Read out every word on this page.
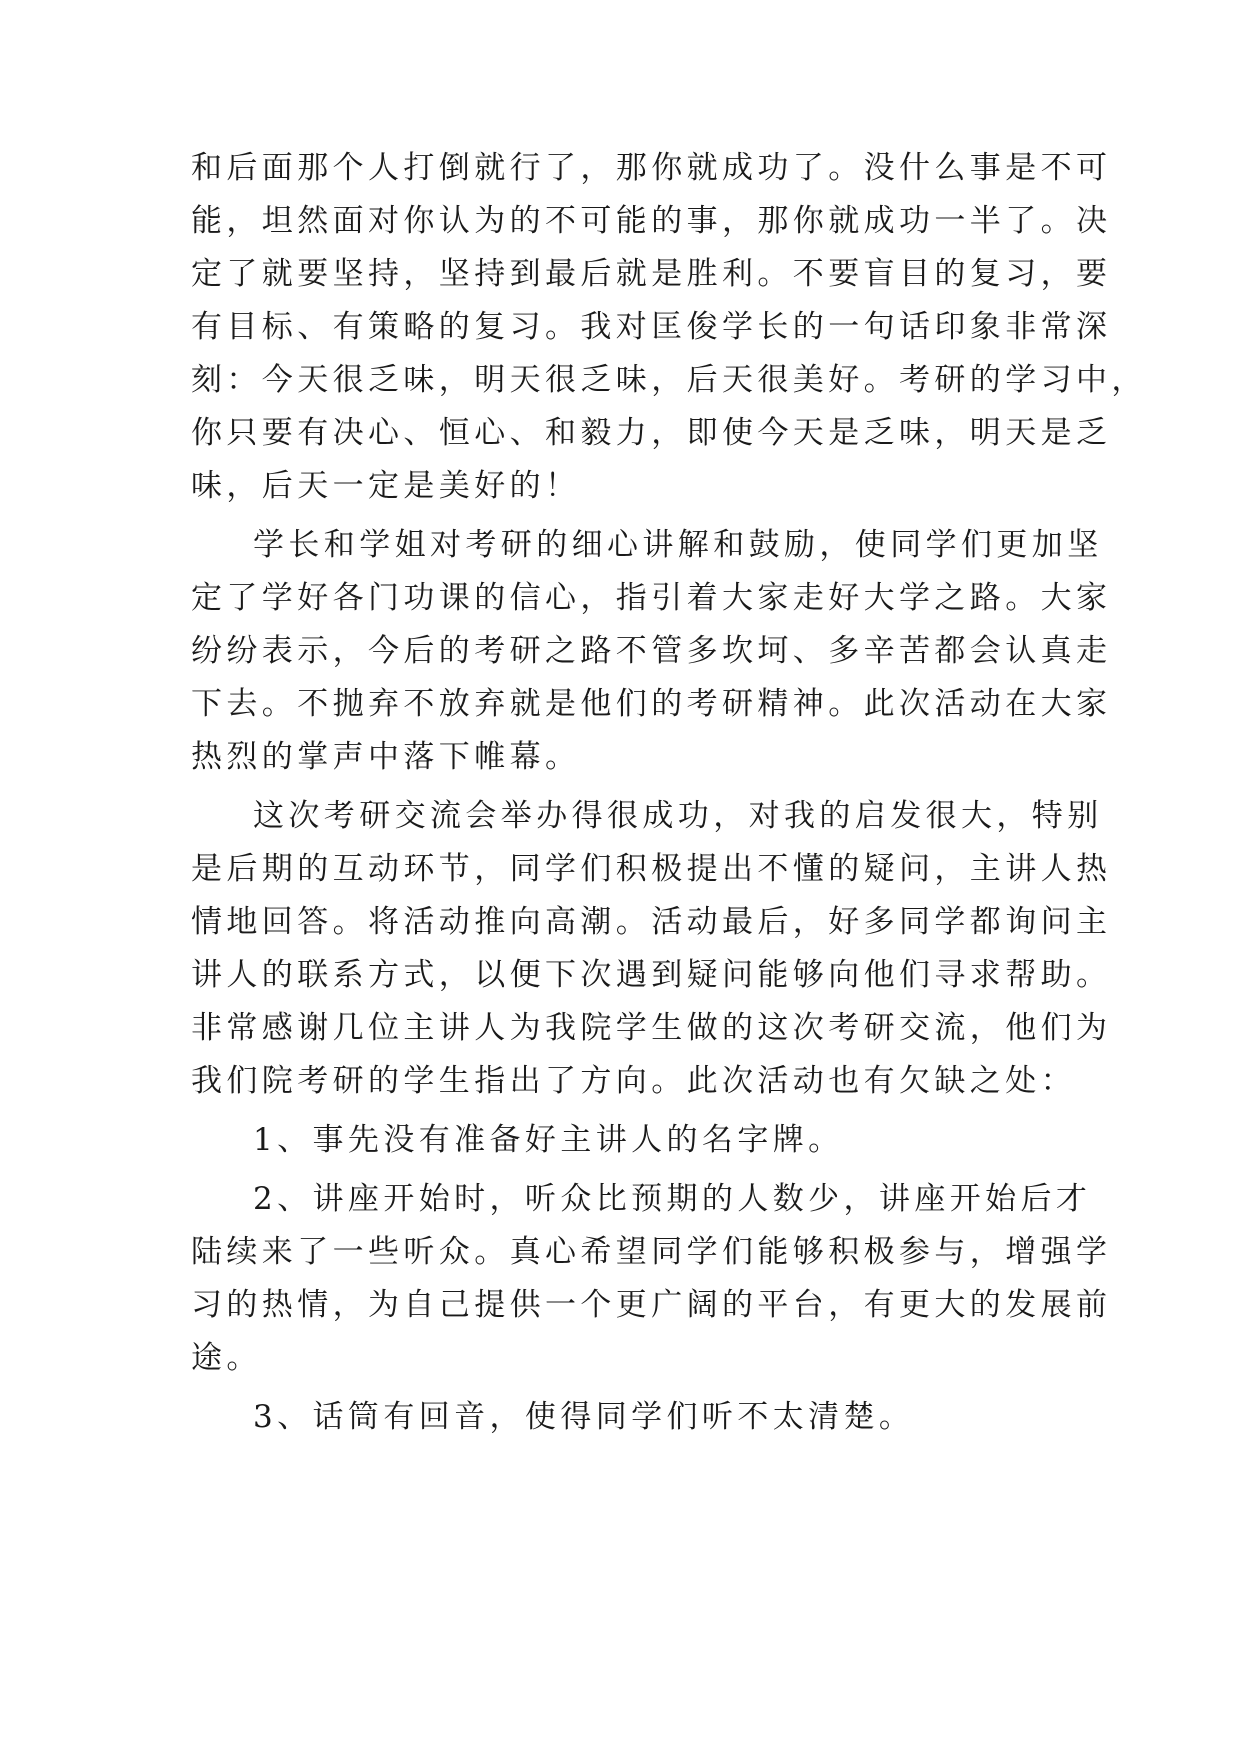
和后面那个人打倒就行了，那你就成功了。没什么事是不可
能，坦然面对你认为的不可能的事，那你就成功一半了。决
定了就要坚持，坚持到最后就是胜利。不要盲目的复习，要
有目标、有策略的复习。我对匡俊学长的一句话印象非常深
刻：今天很乏味，明天很乏味，后天很美好。考研的学习中，
你只要有决心、恒心、和毅力，即使今天是乏味，明天是乏
味，后天一定是美好的！
学长和学姐对考研的细心讲解和鼓励，使同学们更加坚
定了学好各门功课的信心，指引着大家走好大学之路。大家
纷纷表示，今后的考研之路不管多坎坷、多辛苦都会认真走
下去。不抛弃不放弃就是他们的考研精神。此次活动在大家
热烈的掌声中落下帷幕。
这次考研交流会举办得很成功，对我的启发很大，特别
是后期的互动环节，同学们积极提出不懂的疑问，主讲人热
情地回答。将活动推向高潮。活动最后，好多同学都询问主
讲人的联系方式，以便下次遇到疑问能够向他们寻求帮助。
非常感谢几位主讲人为我院学生做的这次考研交流，他们为
我们院考研的学生指出了方向。此次活动也有欠缺之处：
1、事先没有准备好主讲人的名字牌。
2、讲座开始时，听众比预期的人数少，讲座开始后才
陆续来了一些听众。真心希望同学们能够积极参与，增强学
习的热情，为自己提供一个更广阔的平台，有更大的发展前
途。
3、话筒有回音，使得同学们听不太清楚。
